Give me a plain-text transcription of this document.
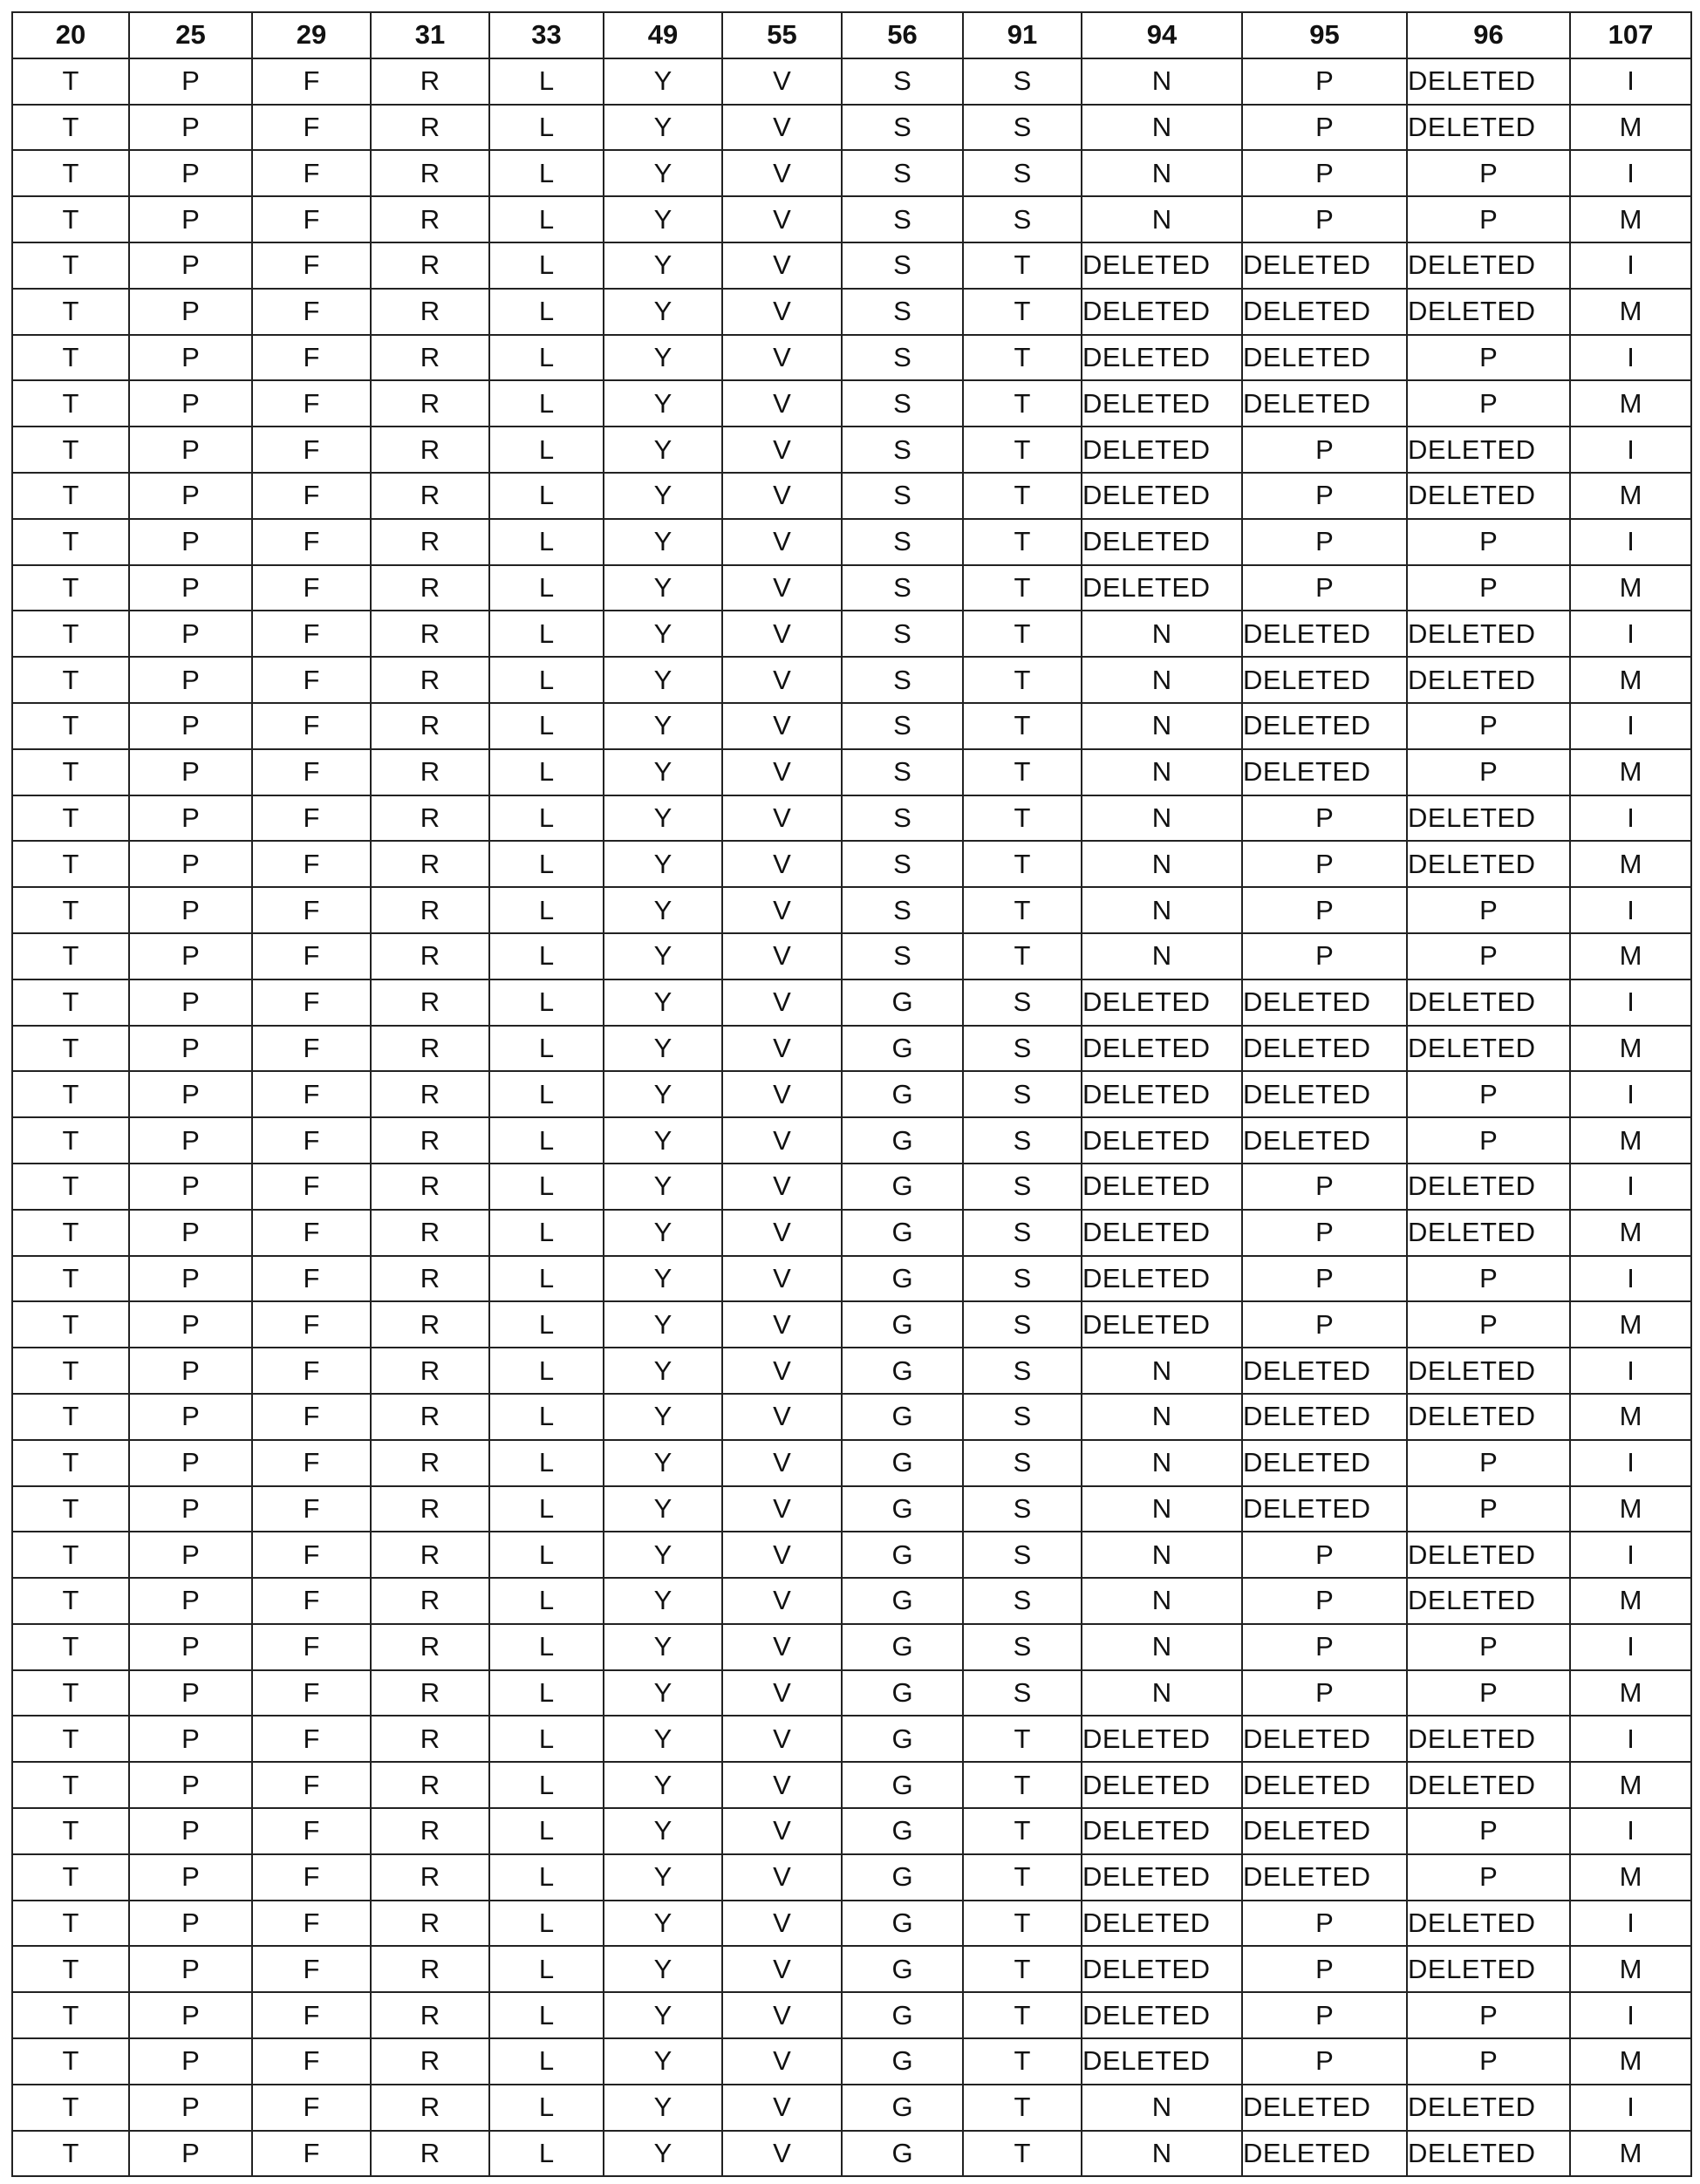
20	25	29	31	33	49	55	56	91	94	95	96	107
T	P	F	R	L	Y	V	S	S	N	P	DELETED	I
T	P	F	R	L	Y	V	S	S	N	P	DELETED	M
T	P	F	R	L	Y	V	S	S	N	P	P	I
T	P	F	R	L	Y	V	S	S	N	P	P	M
T	P	F	R	L	Y	V	S	T	DELETED	DELETED	DELETED	I
T	P	F	R	L	Y	V	S	T	DELETED	DELETED	DELETED	M
T	P	F	R	L	Y	V	S	T	DELETED	DELETED	P	I
T	P	F	R	L	Y	V	S	T	DELETED	DELETED	P	M
T	P	F	R	L	Y	V	S	T	DELETED	P	DELETED	I
T	P	F	R	L	Y	V	S	T	DELETED	P	DELETED	M
T	P	F	R	L	Y	V	S	T	DELETED	P	P	I
T	P	F	R	L	Y	V	S	T	DELETED	P	P	M
T	P	F	R	L	Y	V	S	T	N	DELETED	DELETED	I
T	P	F	R	L	Y	V	S	T	N	DELETED	DELETED	M
T	P	F	R	L	Y	V	S	T	N	DELETED	P	I
T	P	F	R	L	Y	V	S	T	N	DELETED	P	M
T	P	F	R	L	Y	V	S	T	N	P	DELETED	I
T	P	F	R	L	Y	V	S	T	N	P	DELETED	M
T	P	F	R	L	Y	V	S	T	N	P	P	I
T	P	F	R	L	Y	V	S	T	N	P	P	M
T	P	F	R	L	Y	V	G	S	DELETED	DELETED	DELETED	I
T	P	F	R	L	Y	V	G	S	DELETED	DELETED	DELETED	M
T	P	F	R	L	Y	V	G	S	DELETED	DELETED	P	I
T	P	F	R	L	Y	V	G	S	DELETED	DELETED	P	M
T	P	F	R	L	Y	V	G	S	DELETED	P	DELETED	I
T	P	F	R	L	Y	V	G	S	DELETED	P	DELETED	M
T	P	F	R	L	Y	V	G	S	DELETED	P	P	I
T	P	F	R	L	Y	V	G	S	DELETED	P	P	M
T	P	F	R	L	Y	V	G	S	N	DELETED	DELETED	I
T	P	F	R	L	Y	V	G	S	N	DELETED	DELETED	M
T	P	F	R	L	Y	V	G	S	N	DELETED	P	I
T	P	F	R	L	Y	V	G	S	N	DELETED	P	M
T	P	F	R	L	Y	V	G	S	N	P	DELETED	I
T	P	F	R	L	Y	V	G	S	N	P	DELETED	M
T	P	F	R	L	Y	V	G	S	N	P	P	I
T	P	F	R	L	Y	V	G	S	N	P	P	M
T	P	F	R	L	Y	V	G	T	DELETED	DELETED	DELETED	I
T	P	F	R	L	Y	V	G	T	DELETED	DELETED	DELETED	M
T	P	F	R	L	Y	V	G	T	DELETED	DELETED	P	I
T	P	F	R	L	Y	V	G	T	DELETED	DELETED	P	M
T	P	F	R	L	Y	V	G	T	DELETED	P	DELETED	I
T	P	F	R	L	Y	V	G	T	DELETED	P	DELETED	M
T	P	F	R	L	Y	V	G	T	DELETED	P	P	I
T	P	F	R	L	Y	V	G	T	DELETED	P	P	M
T	P	F	R	L	Y	V	G	T	N	DELETED	DELETED	I
T	P	F	R	L	Y	V	G	T	N	DELETED	DELETED	M
